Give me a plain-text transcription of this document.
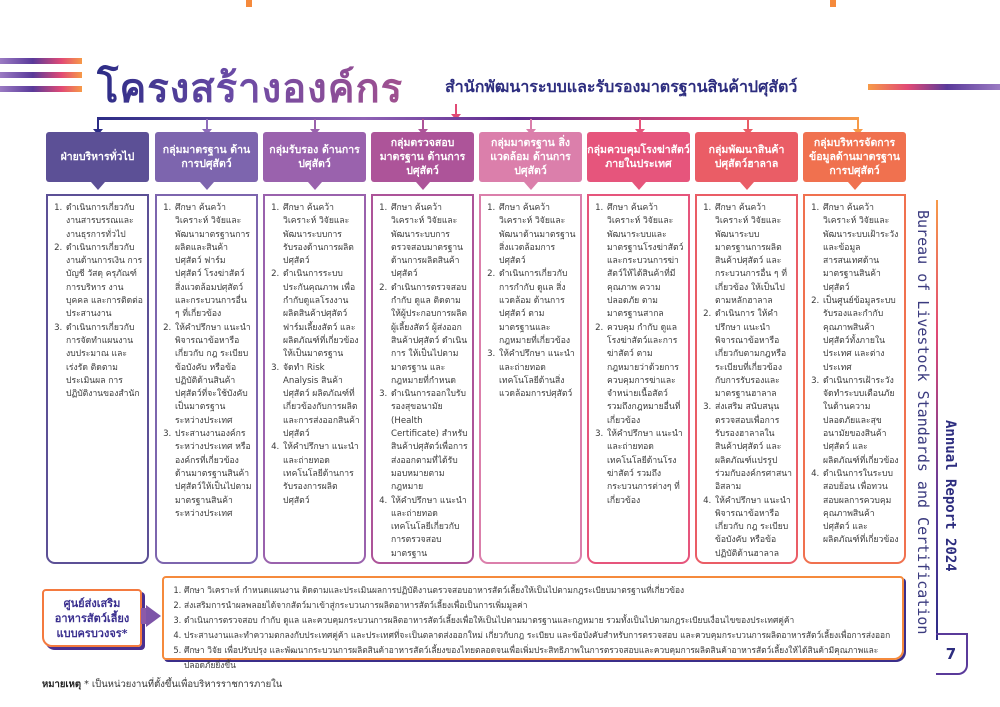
โครงสร้างองค์กร	สำนักพัฒนาระบบและรับรองมาตรฐานสินค้าปศุสัตว์
ฝ่ายบริหารทั่วไป
1. ดำเนินการเกี่ยวกับงานสารบรรณและงานธุรการทั่วไป
2. ดำเนินการเกี่ยวกับงานด้านการเงิน การบัญชี วัสดุ ครุภัณฑ์ การบริหาร งานบุคคล และการติดต่อประสานงาน
3. ดำเนินการเกี่ยวกับการจัดทำแผนงาน งบประมาณ และเร่งรัด ติดตาม ประเมินผล การปฏิบัติงานของสำนัก
กลุ่มมาตรฐาน ด้านการปศุสัตว์
1. ศึกษา ค้นคว้า วิเคราะห์ วิจัยและพัฒนามาตรฐานการผลิตและสินค้าปศุสัตว์ ฟาร์มปศุสัตว์ โรงฆ่าสัตว์ สิ่งแวดล้อมปศุสัตว์ และกระบวนการอื่น ๆ ที่เกี่ยวข้อง
2. ให้คำปรึกษา แนะนำ พิจารณาข้อหารือ เกี่ยวกับ กฎ ระเบียบ ข้อบังคับ หรือข้อปฏิบัติด้านสินค้า ปศุสัตว์ที่จะใช้บังคับเป็นมาตรฐานระหว่างประเทศ
3. ประสานงานองค์กรระหว่างประเทศ หรือองค์กรที่เกี่ยวข้องด้านมาตรฐานสินค้าปศุสัตว์ให้เป็นไปตามมาตรฐานสินค้าระหว่างประเทศ
กลุ่มรับรอง ด้านการปศุสัตว์
1. ศึกษา ค้นคว้า วิเคราะห์ วิจัยและพัฒนาระบบการรับรองด้านการผลิตปศุสัตว์
2. ดำเนินการระบบประกันคุณภาพ เพื่อกำกับดูแลโรงงานผลิตสินค้าปศุสัตว์ ฟาร์มเลี้ยงสัตว์ และผลิตภัณฑ์ที่เกี่ยวข้องให้เป็นมาตรฐาน
3. จัดทำ Risk Analysis สินค้าปศุสัตว์ ผลิตภัณฑ์ที่เกี่ยวข้องกับการผลิตและการส่งออกสินค้าปศุสัตว์
4. ให้คำปรึกษา แนะนำ และถ่ายทอดเทคโนโลยีด้านการรับรองการผลิตปศุสัตว์
กลุ่มตรวจสอบ มาตรฐาน ด้านการปศุสัตว์
1. ศึกษา ค้นคว้า วิเคราะห์ วิจัยและพัฒนาระบบการตรวจสอบมาตรฐานด้านการผลิตสินค้าปศุสัตว์
2. ดำเนินการตรวจสอบ กำกับ ดูแล ติดตามให้ผู้ประกอบการผลิต ผู้เลี้ยงสัตว์ ผู้ส่งออกสินค้าปศุสัตว์ ดำเนินการ ให้เป็นไปตามมาตรฐาน และกฎหมายที่กำหนด
3. ดำเนินการออกใบรับรองสุขอนามัย (Health Certificate) สำหรับสินค้าปศุสัตว์เพื่อการส่งออกตามที่ได้รับมอบหมายตามกฎหมาย
4. ให้คำปรึกษา แนะนำ และถ่ายทอดเทคโนโลยีเกี่ยวกับการตรวจสอบมาตรฐาน
กลุ่มมาตรฐาน สิ่งแวดล้อม ด้านการปศุสัตว์
1. ศึกษา ค้นคว้า วิเคราะห์ วิจัยและพัฒนาด้านมาตรฐานสิ่งแวดล้อมการปศุสัตว์
2. ดำเนินการเกี่ยวกับการกำกับ ดูแล สิ่งแวดล้อม ด้านการปศุสัตว์ ตามมาตรฐานและกฎหมายที่เกี่ยวข้อง
3. ให้คำปรึกษา แนะนำ และถ่ายทอดเทคโนโลยีด้านสิ่งแวดล้อมการปศุสัตว์
กลุ่มควบคุมโรงฆ่าสัตว์ ภายในประเทศ
1. ศึกษา ค้นคว้า วิเคราะห์ วิจัยและพัฒนาระบบและมาตรฐานโรงฆ่าสัตว์และกระบวนการฆ่าสัตว์ให้ได้สินค้าที่มีคุณภาพ ความปลอดภัย ตามมาตรฐานสากล
2. ควบคุม กำกับ ดูแล โรงฆ่าสัตว์และการฆ่าสัตว์ ตามกฎหมายว่าด้วยการควบคุมการฆ่าและจำหน่ายเนื้อสัตว์ รวมถึงกฎหมายอื่นที่เกี่ยวข้อง
3. ให้คำปรึกษา แนะนำ และถ่ายทอดเทคโนโลยีด้านโรงฆ่าสัตว์ รวมถึงกระบวนการต่างๆ ที่เกี่ยวข้อง
กลุ่มพัฒนาสินค้า ปศุสัตว์ฮาลาล
1. ศึกษา ค้นคว้า วิเคราะห์ วิจัยและพัฒนาระบบมาตรฐานการผลิตสินค้าปศุสัตว์ และกระบวนการอื่น ๆ ที่เกี่ยวข้อง ให้เป็นไปตามหลักฮาลาล
2. ดำเนินการ ให้คำปรึกษา แนะนำ พิจารณาข้อหารือเกี่ยวกับตามกฎหรือระเบียบที่เกี่ยวข้องกับการรับรองและมาตรฐานฮาลาล
3. ส่งเสริม สนับสนุน ตรวจสอบเพื่อการรับรองฮาลาลในสินค้าปศุสัตว์ และผลิตภัณฑ์แปรรูป ร่วมกับองค์กรศาสนาอิสลาม
4. ให้คำปรึกษา แนะนำ พิจารณาข้อหารือเกี่ยวกับ กฎ ระเบียบ ข้อบังคับ หรือข้อปฏิบัติด้านฮาลาล
กลุ่มบริหารจัดการ ข้อมูลด้านมาตรฐาน การปศุสัตว์
1. ศึกษา ค้นคว้า วิเคราะห์ วิจัยและพัฒนาระบบเฝ้าระวังและข้อมูลสารสนเทศด้านมาตรฐานสินค้าปศุสัตว์
2. เป็นศูนย์ข้อมูลระบบรับรองและกำกับคุณภาพสินค้าปศุสัตว์ทั้งภายในประเทศ และต่างประเทศ
3. ดำเนินการเฝ้าระวังจัดทำระบบเตือนภัยในด้านความปลอดภัยและสุขอนามัยของสินค้าปศุสัตว์ และผลิตภัณฑ์ที่เกี่ยวข้อง
4. ดำเนินการในระบบสอบย้อน เพื่อทวนสอบผลการควบคุมคุณภาพสินค้าปศุสัตว์ และผลิตภัณฑ์ที่เกี่ยวข้อง Bureau of Livestock Standards and Certification Annual Report 2024
7
ศูนย์ส่งเสริม
อาหารสัตว์เลี้ยง
แบบครบวงจร*
1. ศึกษา วิเคราะห์ กำหนดแผนงาน ติดตามและประเมินผลการปฏิบัติงานตรวจสอบอาหารสัตว์เลี้ยงให้เป็นไปตามกฎระเบียบมาตรฐานที่เกี่ยวข้อง
2. ส่งเสริมการนำผลพลอยได้จากสัตว์มาเข้าสู่กระบวนการผลิตอาหารสัตว์เลี้ยงเพื่อเป็นการเพิ่มมูลค่า
3. ดำเนินการตรวจสอบ กำกับ ดูแล และควบคุมกระบวนการผลิตอาหารสัตว์เลี้ยงเพื่อให้เป็นไปตามมาตรฐานและกฎหมาย รวมทั้งเป็นไปตามกฎระเบียบเงื่อนไขของประเทศคู่ค้า
4. ประสานงานและทำความตกลงกับประเทศคู่ค้า และประเทศที่จะเป็นตลาดส่งออกใหม่ เกี่ยวกับกฎ ระเบียบ และข้อบังคับสำหรับการตรวจสอบ และควบคุมกระบวนการผลิตอาหารสัตว์เลี้ยงเพื่อการส่งออก
5. ศึกษา วิจัย เพื่อปรับปรุง และพัฒนากระบวนการผลิตสินค้าอาหารสัตว์เลี้ยงของไทยตลอดจนเพื่อเพิ่มประสิทธิภาพในการตรวจสอบและควบคุมการผลิตสินค้าอาหารสัตว์เลี้ยงให้ได้สินค้ามีคุณภาพและปลอดภัยยิ่งขึ้น
หมายเหตุ * เป็นหน่วยงานที่ตั้งขึ้นเพื่อบริหารราชการภายใน
